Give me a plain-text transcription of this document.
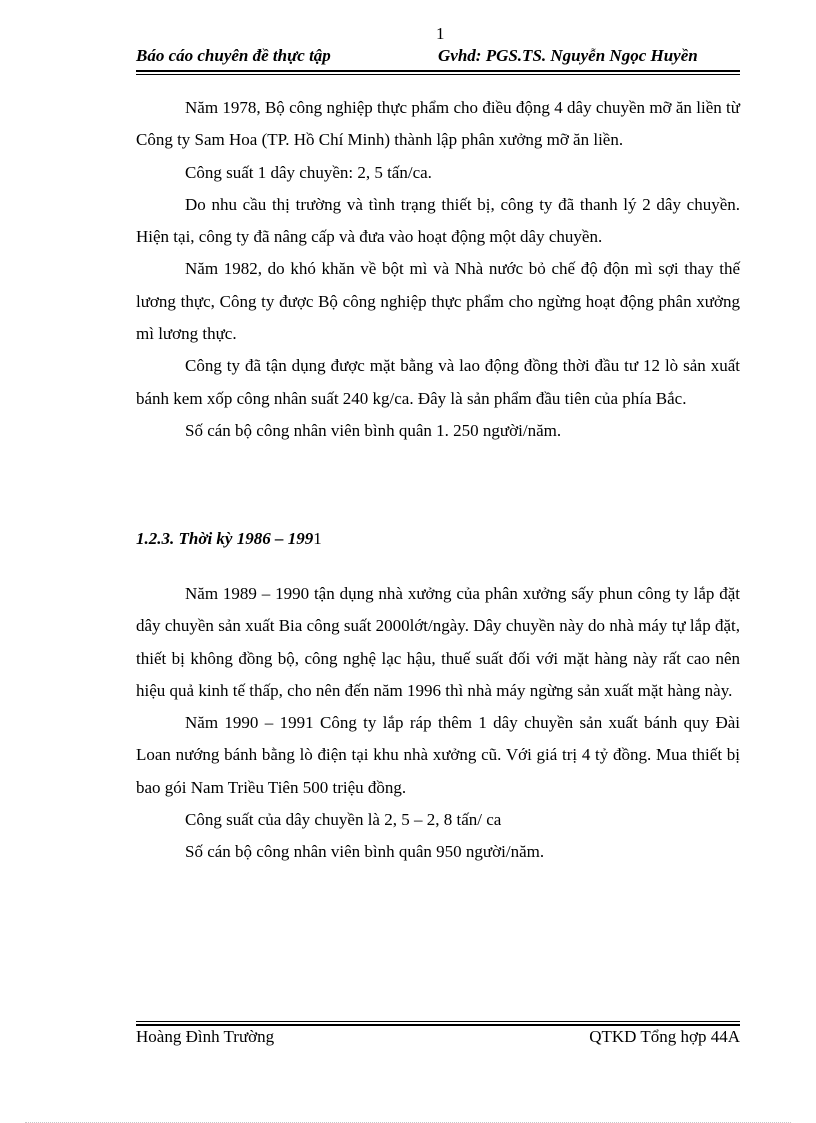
1
Báo cáo chuyên đề thực tập	Gvhd: PGS.TS. Nguyễn Ngọc Huyền

Năm 1978, Bộ công nghiệp thực phẩm cho điều động 4 dây chuyền mỡ ăn liền từ Công ty Sam Hoa (TP. Hồ Chí Minh) thành lập phân xưởng mỡ ăn liền.

Công suất 1 dây chuyền: 2, 5 tấn/ca.

Do nhu cầu thị trường và tình trạng thiết bị, công ty đã thanh lý 2 dây chuyền. Hiện tại, công ty đã nâng cấp và đưa vào hoạt động một dây chuyền.

Năm 1982, do khó khăn về bột mì và Nhà nước bỏ chế độ độn mì sợi thay thế lương thực, Công ty được Bộ công nghiệp thực phẩm cho ngừng hoạt động phân xưởng mì lương thực.

Công ty đã tận dụng được mặt bằng và lao động đồng thời đầu tư 12 lò sản xuất bánh kem xốp công nhân suất 240 kg/ca. Đây là sản phẩm đầu tiên của phía Bắc.

Số cán bộ công nhân viên bình quân 1. 250 người/năm.

1.2.3. Thời kỳ 1986 – 1991

Năm 1989 – 1990 tận dụng nhà xưởng của phân xưởng sấy phun công ty lắp đặt dây chuyền sản xuất Bia công suất 2000lớt/ngày. Dây chuyền này do nhà máy tự lắp đặt, thiết bị không đồng bộ, công nghệ lạc hậu, thuế suất đối với mặt hàng này rất cao nên hiệu quả kinh tế thấp, cho nên đến năm 1996 thì nhà máy ngừng sản xuất mặt hàng này.

Năm 1990 – 1991 Công ty lắp ráp thêm 1 dây chuyền sản xuất bánh quy Đài Loan nướng bánh bằng lò điện tại khu nhà xưởng cũ. Với giá trị 4 tỷ đồng. Mua thiết bị bao gói Nam Triều Tiên 500 triệu đồng.

Công suất của dây chuyền là 2, 5 – 2, 8 tấn/ ca

Số cán bộ công nhân viên bình quân 950 người/năm.

Hoàng Đình Trường	QTKD Tổng hợp 44A
